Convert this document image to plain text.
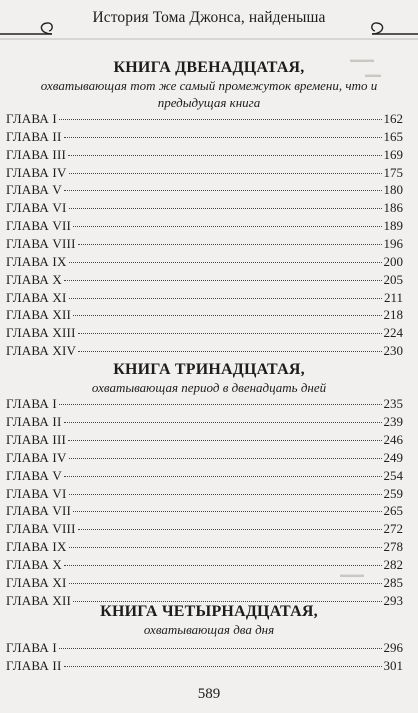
История Тома Джонса, найденыша
▬▬▬
▬▬
▬▬▬

КНИГА ДВЕНАДЦАТАЯ,

охватывающая тот же самый промежуток времени, что и предыдущая книга

ГЛАВА I	162
ГЛАВА II	165
ГЛАВА III	169
ГЛАВА IV	175
ГЛАВА V	180
ГЛАВА VI	186
ГЛАВА VII	189
ГЛАВА VIII	196
ГЛАВА IX	200
ГЛАВА X	205
ГЛАВА XI	211
ГЛАВА XII	218
ГЛАВА XIII	224
ГЛАВА XIV	230

КНИГА ТРИНАДЦАТАЯ,

охватывающая период в двенадцать дней

ГЛАВА I	235
ГЛАВА II	239
ГЛАВА III	246
ГЛАВА IV	249
ГЛАВА V	254
ГЛАВА VI	259
ГЛАВА VII	265
ГЛАВА VIII	272
ГЛАВА IX	278
ГЛАВА X	282
ГЛАВА XI	285
ГЛАВА XII	293

КНИГА ЧЕТЫРНАДЦАТАЯ,

охватывающая два дня

ГЛАВА I	296
ГЛАВА II	301
589
